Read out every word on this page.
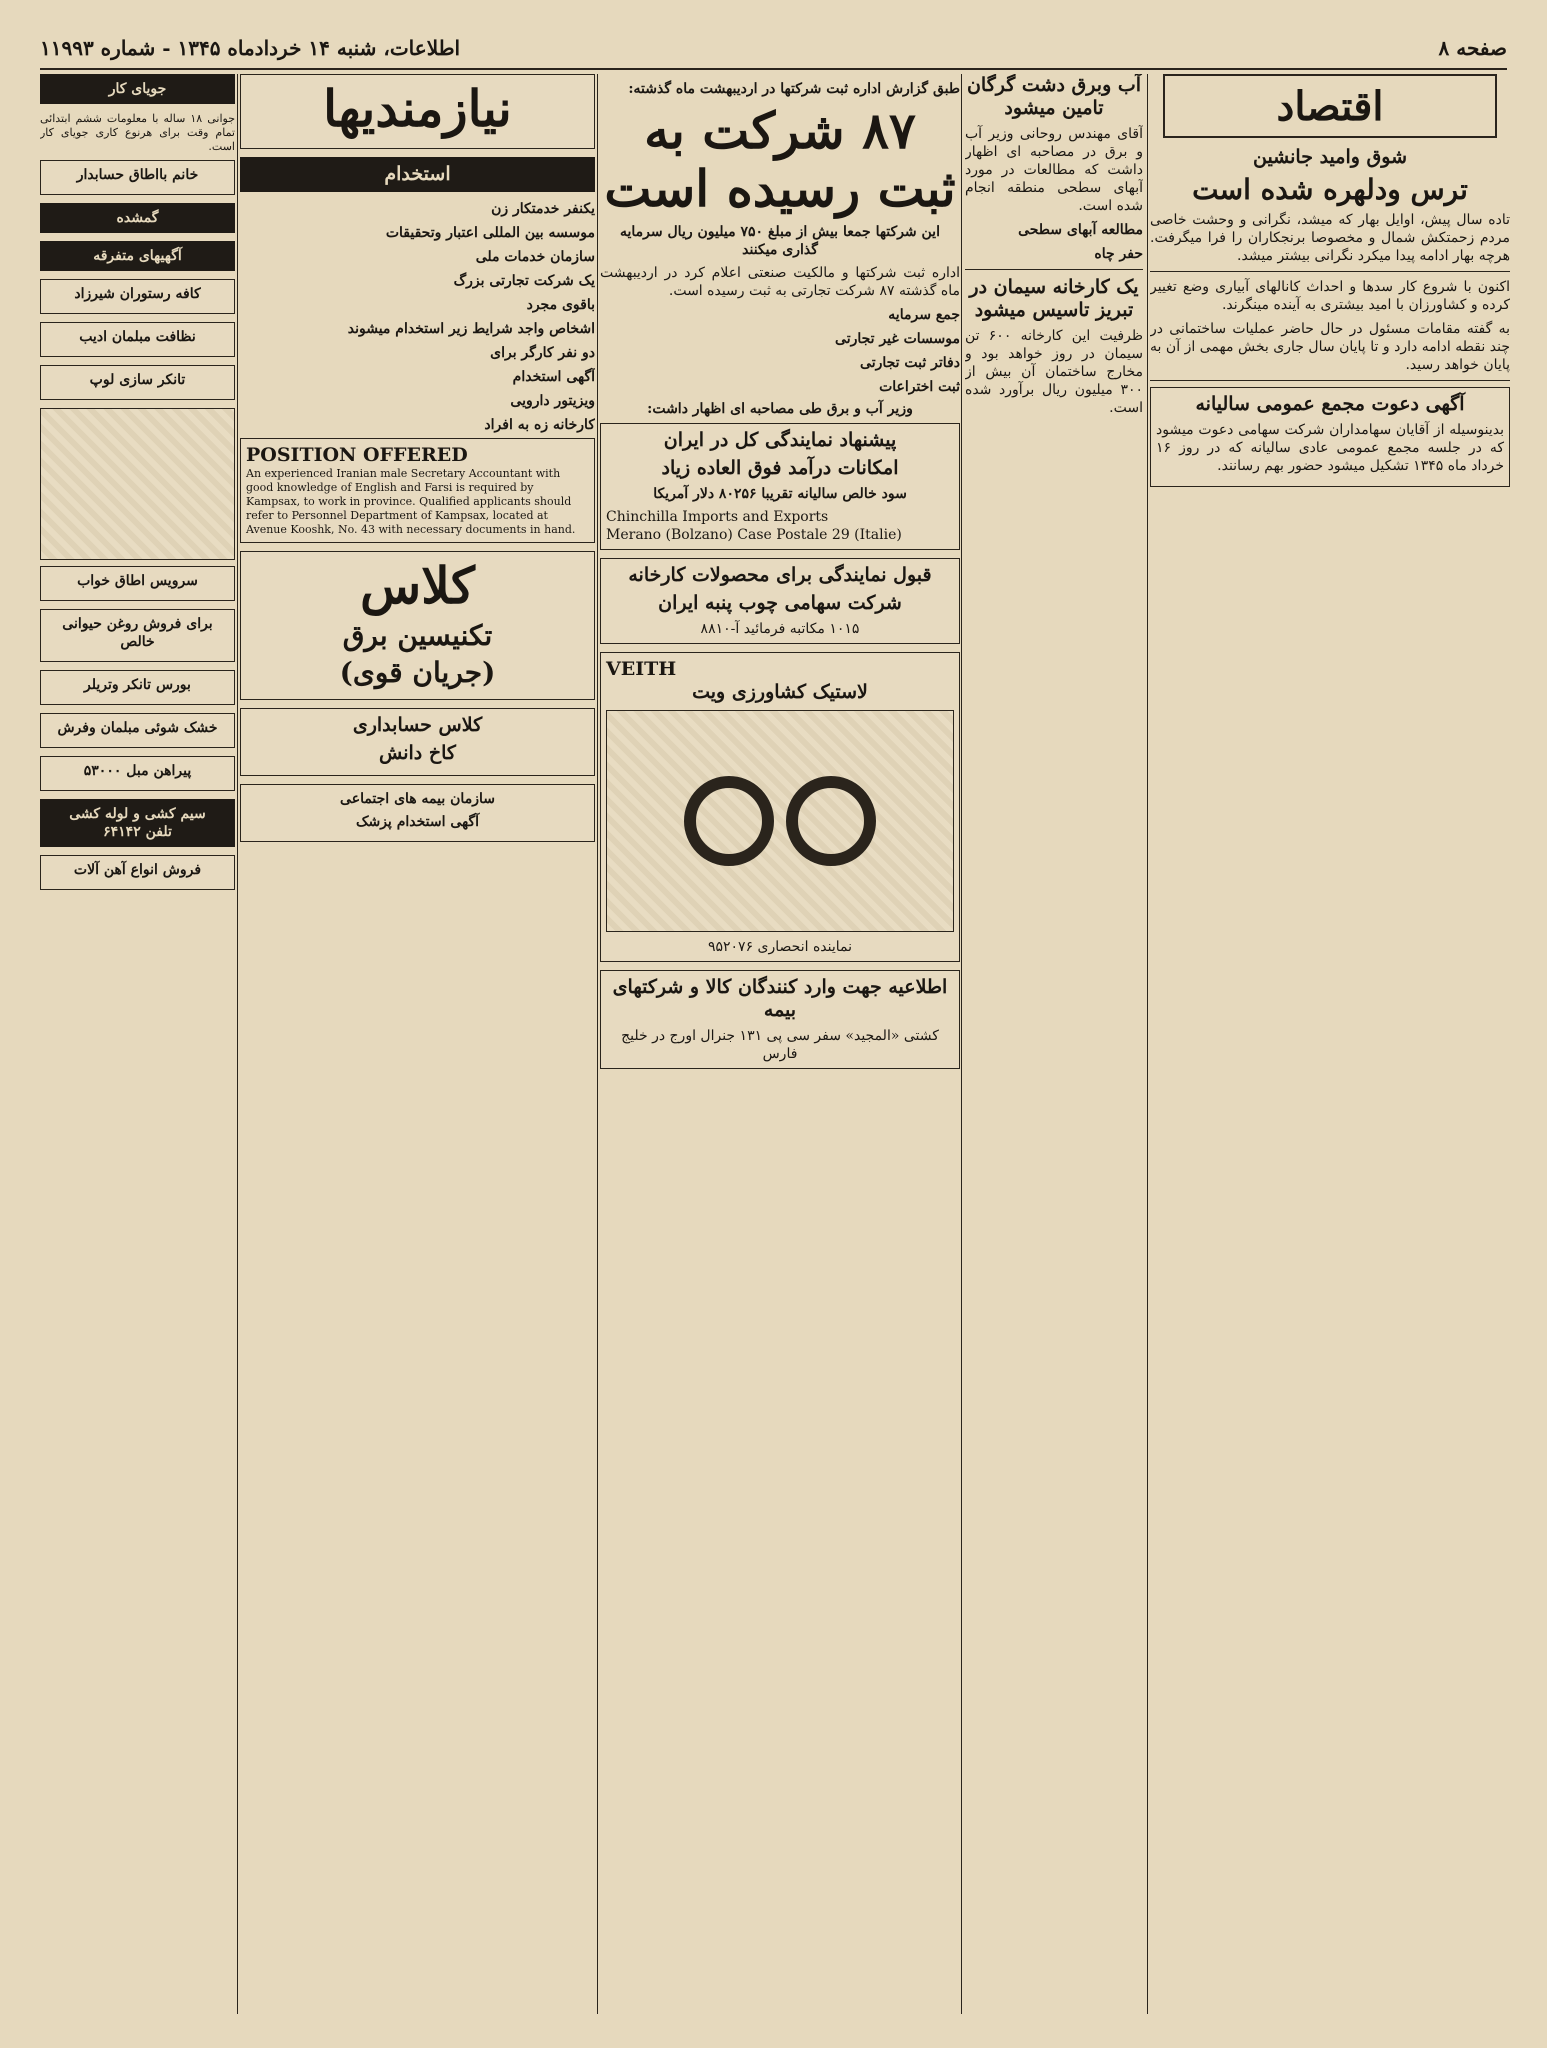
صفحه ۸
اطلاعات، شنبه ۱۴ خردادماه ۱۳۴۵ - شماره ۱۱۹۹۳
اقتصاد
شوق وامید جانشین
ترس ودلهره شده است
تاده سال پیش، اوایل بهار که میشد، نگرانی و وحشت خاصی مردم زحمتکش شمال و مخصوصا برنجکاران را فرا میگرفت. هرچه بهار ادامه پیدا میکرد نگرانی بیشتر میشد.
اکنون با شروع کار سدها و احداث کانالهای آبیاری وضع تغییر کرده و کشاورزان با امید بیشتری به آینده مینگرند.
به گفته مقامات مسئول در حال حاضر عملیات ساختمانی در چند نقطه ادامه دارد و تا پایان سال جاری بخش مهمی از آن به پایان خواهد رسید.
آگهی دعوت مجمع عمومی سالیانه
بدینوسیله از آقایان سهامداران شرکت سهامی دعوت میشود که در جلسه مجمع عمومی عادی سالیانه که در روز ۱۶ خرداد ماه ۱۳۴۵ تشکیل میشود حضور بهم رسانند.
آب وبرق دشت گرگان تامین میشود
آقای مهندس روحانی وزیر آب و برق در مصاحبه ای اظهار داشت که مطالعات در مورد آبهای سطحی منطقه انجام شده است.
مطالعه آبهای سطحی
حفر چاه
یک کارخانه سیمان در تبریز تاسیس میشود
ظرفیت این کارخانه ۶۰۰ تن سیمان در روز خواهد بود و مخارج ساختمان آن بیش از ۳۰۰ میلیون ریال برآورد شده است.
طبق گزارش اداره ثبت شرکتها در اردیبهشت ماه گذشته:
۸۷ شرکت به ثبت رسیده است
این شرکتها جمعا بیش از مبلغ ۷۵۰ میلیون ریال سرمایه گذاری میکنند
اداره ثبت شرکتها و مالکیت صنعتی اعلام کرد در اردیبهشت ماه گذشته ۸۷ شرکت تجارتی به ثبت رسیده است.
جمع سرمایه
موسسات غیر تجارتی
دفاتر ثبت تجارتی
ثبت اختراعات
وزیر آب و برق طی مصاحبه ای اظهار داشت:
پیشنهاد نمایندگی کل در ایران
امکانات درآمد فوق العاده زیاد
سود خالص سالیانه تقریبا ۸۰۲۵۶ دلار آمریکا
Chinchilla Imports and Exports
Merano (Bolzano) Case Postale 29 (Italie)
قبول نمایندگی برای محصولات کارخانه
شرکت سهامی چوب پنبه ایران
۱۰۱۵ مکاتبه فرمائید آ-۸۸۱۰
VEITH
لاستیک کشاورزی ویت
نماینده انحصاری ۹۵۲۰۷۶
اطلاعیه جهت وارد کنندگان کالا و شرکتهای بیمه
کشتی «المجید» سفر سی پی ۱۳۱ جنرال اورج در خلیج فارس
نیازمندیها
استخدام
یکنفر خدمتکار زن
موسسه بین المللی اعتبار وتحقیقات
سازمان خدمات ملی
یک شرکت تجارتی بزرگ
باقوی مجرد
اشخاص واجد شرایط زیر استخدام میشوند
دو نفر کارگر برای
آگهی استخدام
ویزیتور دارویی
کارخانه زه به افراد
POSITION OFFERED
An experienced Iranian male Secretary Accountant with good knowledge of English and Farsi is required by Kampsax, to work in province. Qualified applicants should refer to Personnel Department of Kampsax, located at Avenue Kooshk, No. 43 with necessary documents in hand.
کلاس
تکنیسین برق
(جریان قوی)
کلاس حسابداری
کاخ دانش
سازمان بیمه های اجتماعی
آگهی استخدام پزشک
جویای کار
جوانی ۱۸ ساله با معلومات ششم ابتدائی تمام وقت برای هرنوع کاری جویای کار است.
خانم بااطاق حسابدار
گمشده
آگهیهای متفرقه
کافه رستوران شیرزاد
نظافت مبلمان ادیب
تانکر سازی لوپ
سرویس اطاق خواب
برای فروش روغن حیوانی خالص
بورس تانکر وتریلر
خشک شوئی مبلمان وفرش
پیراهن مبل ۵۳۰۰۰
سیم کشی و لوله کشی
تلفن ۶۴۱۴۲
فروش انواع آهن آلات
